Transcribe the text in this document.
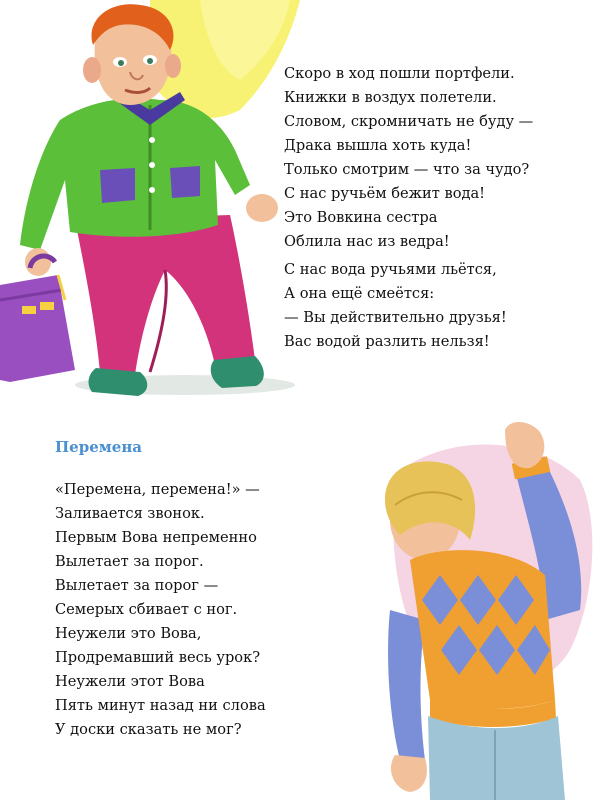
Скоро в ход пошли портфели.
Книжки в воздух полетели.
Словом, скромничать не буду —
Драка вышла хоть куда!
Только смотрим — что за чудо?
С нас ручьём бежит вода!
Это Вовкина сестра
Облила нас из ведра!
С нас вода ручьями льётся,
А она ещё смеётся:
— Вы действительно друзья!
Вас водой разлить нельзя!
Перемена
«Перемена, перемена!» —
Заливается звонок.
Первым Вова непременно
Вылетает за порог.
Вылетает за порог —
Семерых сбивает с ног.
Неужели это Вова,
Продремавший весь урок?
Неужели этот Вова
Пять минут назад ни слова
У доски сказать не мог?
